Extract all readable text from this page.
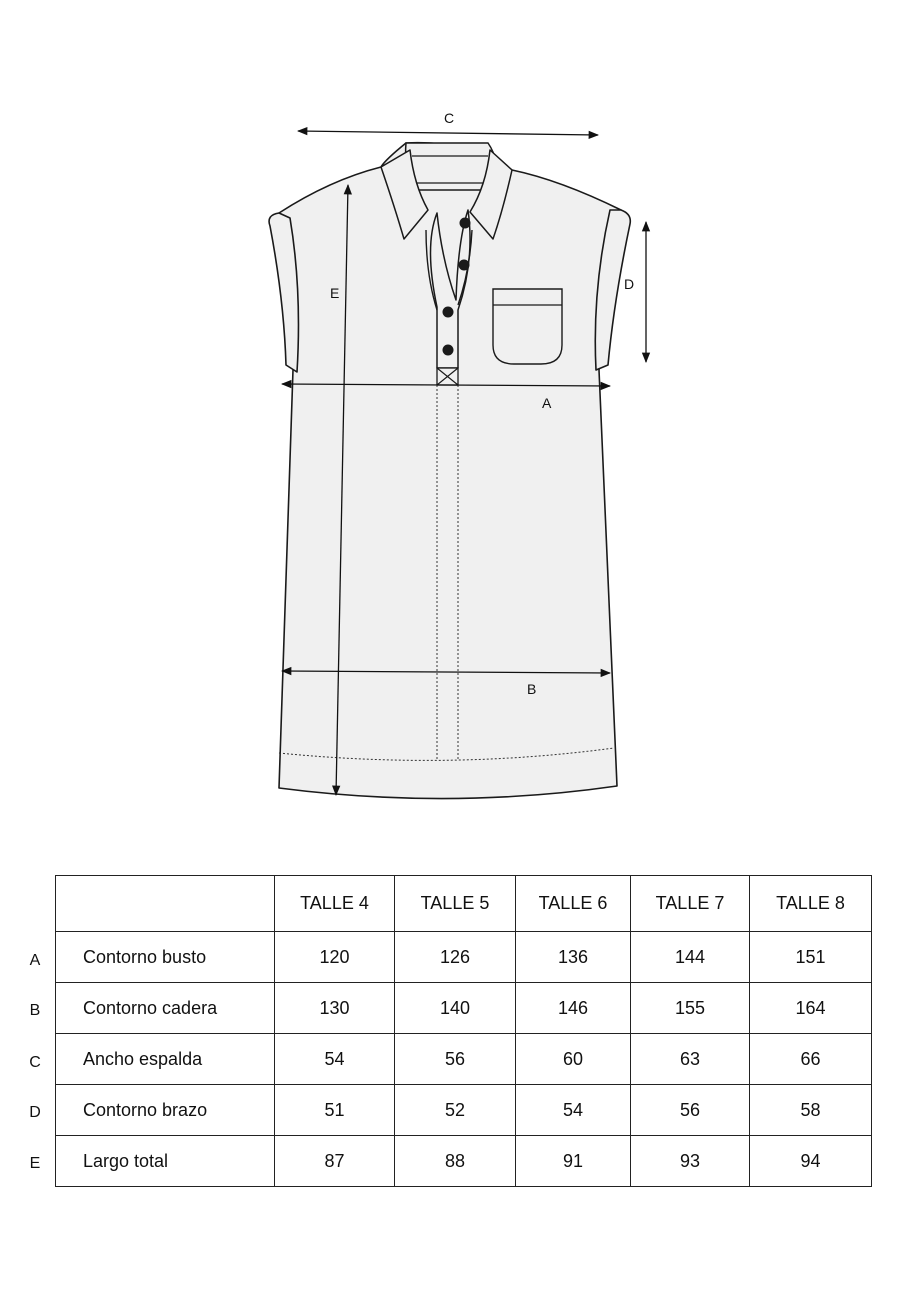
C
A
B
D
E
A
B
C
D
E
	TALLE 4	TALLE 5	TALLE 6	TALLE 7	TALLE 8
Contorno busto	120	126	136	144	151
Contorno cadera	130	140	146	155	164
Ancho espalda	54	56	60	63	66
Contorno brazo	51	52	54	56	58
Largo total	87	88	91	93	94
